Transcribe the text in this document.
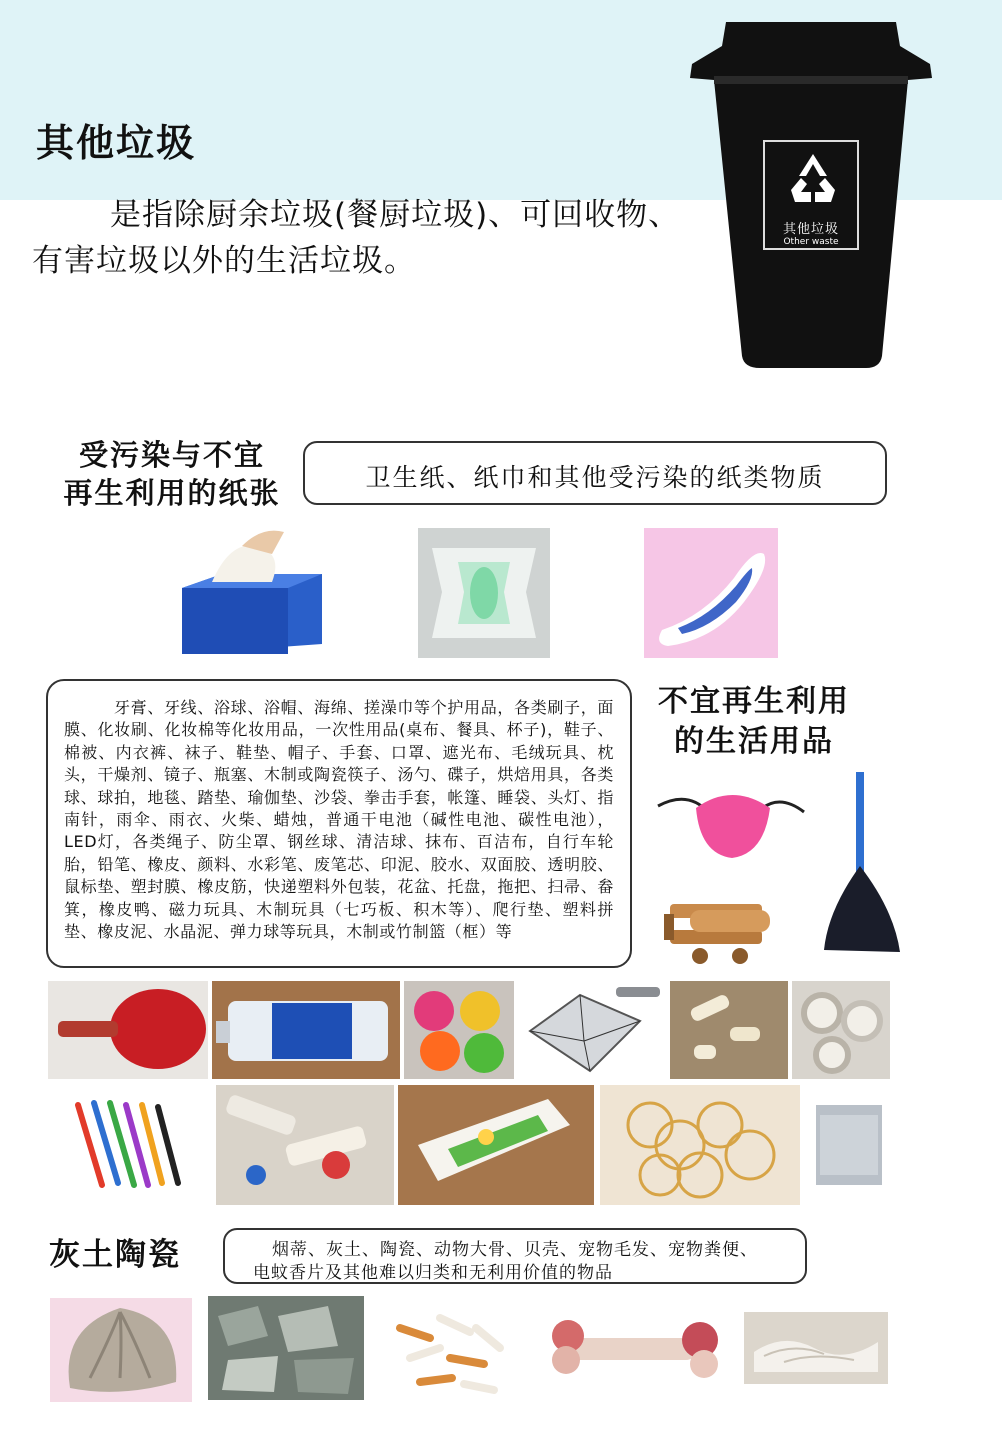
其他垃圾

是指除厨余垃圾(餐厨垃圾)、可回收物、有害垃圾以外的生活垃圾。

其他垃圾
Other waste
受污染与不宜
再生利用的纸张	卫生纸、纸巾和其他受污染的纸类物质

牙膏、牙线、浴球、浴帽、海绵、搓澡巾等个护用品，各类刷子，面膜、化妆刷、化妆棉等化妆用品，一次性用品(桌布、餐具、杯子)，鞋子、棉被、内衣裤、袜子、鞋垫、帽子、手套、口罩、遮光布、毛绒玩具、枕头，干燥剂、镜子、瓶塞、木制或陶瓷筷子、汤勺、碟子，烘焙用具，各类球、球拍，地毯、踏垫、瑜伽垫、沙袋、拳击手套，帐篷、睡袋、头灯、指南针，雨伞、雨衣、火柴、蜡烛，普通干电池（碱性电池、碳性电池），LED灯，各类绳子、防尘罩、钢丝球、清洁球、抹布、百洁布，自行车轮胎，铅笔、橡皮、颜料、水彩笔、废笔芯、印泥、胶水、双面胶、透明胶、鼠标垫、塑封膜、橡皮筋，快递塑料外包装，花盆、托盘，拖把、扫帚、畚箕，橡皮鸭、磁力玩具、木制玩具（七巧板、积木等）、爬行垫、塑料拼垫、橡皮泥、水晶泥、弹力球等玩具，木制或竹制篮（框）等

不宜再生利用
的生活用品
灰土陶瓷	烟蒂、灰土、陶瓷、动物大骨、贝壳、宠物毛发、宠物粪便、
电蚊香片及其他难以归类和无利用价值的物品
